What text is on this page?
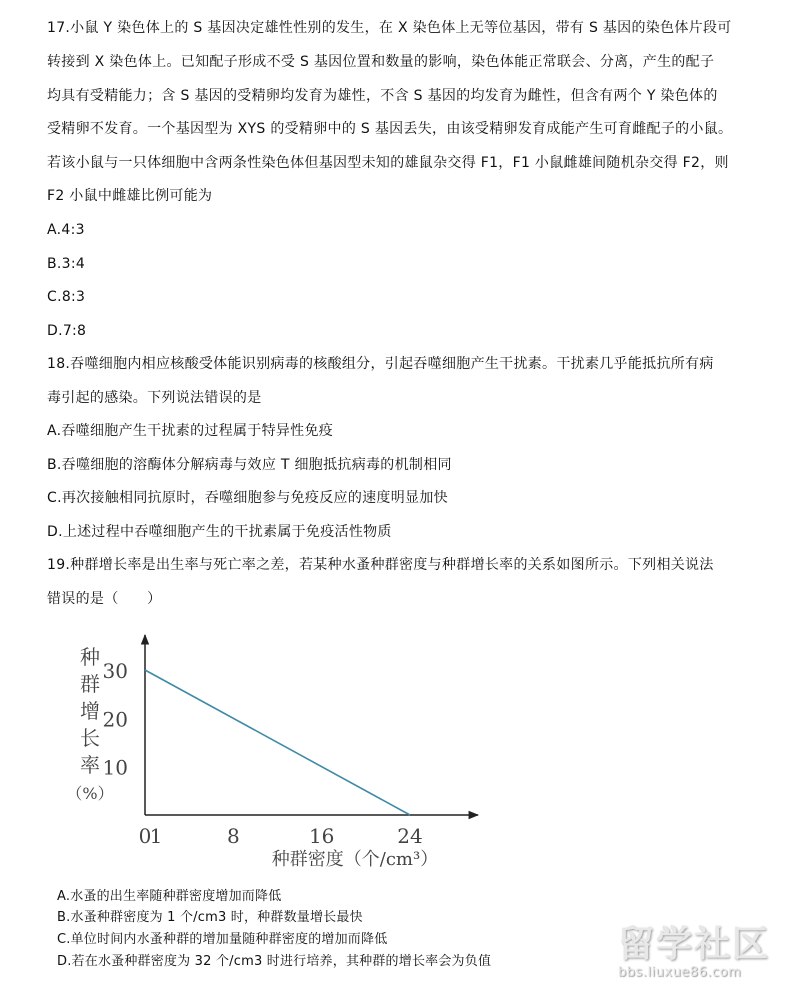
17.小鼠 Y 染色体上的 S 基因决定雄性性别的发生，在 X 染色体上无等位基因，带有 S 基因的染色体片段可
转接到 X 染色体上。已知配子形成不受 S 基因位置和数量的影响，染色体能正常联会、分离，产生的配子
均具有受精能力；含 S 基因的受精卵均发育为雄性，不含 S 基因的均发育为雌性，但含有两个 Y 染色体的
受精卵不发育。一个基因型为 XYS 的受精卵中的 S 基因丢失，由该受精卵发育成能产生可育雌配子的小鼠。
若该小鼠与一只体细胞中含两条性染色体但基因型未知的雄鼠杂交得 F1，F1 小鼠雌雄间随机杂交得 F2，则
F2 小鼠中雌雄比例可能为
A.4:3
B.3:4
C.8:3
D.7:8
18.吞噬细胞内相应核酸受体能识别病毒的核酸组分，引起吞噬细胞产生干扰素。干扰素几乎能抵抗所有病
毒引起的感染。下列说法错误的是
A.吞噬细胞产生干扰素的过程属于特异性免疫
B.吞噬细胞的溶酶体分解病毒与效应 T 细胞抵抗病毒的机制相同
C.再次接触相同抗原时，吞噬细胞参与免疫反应的速度明显加快
D.上述过程中吞噬细胞产生的干扰素属于免疫活性物质
19.种群增长率是出生率与死亡率之差，若某种水蚤种群密度与种群增长率的关系如图所示。下列相关说法
错误的是（　　）
种
群
增
长
率
（%）
10
20
30
0
1	8	16	24
种群密度（个/cm³）
A.水蚤的出生率随种群密度增加而降低
B.水蚤种群密度为 1 个/cm3 时，种群数量增长最快
C.单位时间内水蚤种群的增加量随种群密度的增加而降低
D.若在水蚤种群密度为 32 个/cm3 时进行培养，其种群的增长率会为负值	留学社区
bbs.liuxue86.com
